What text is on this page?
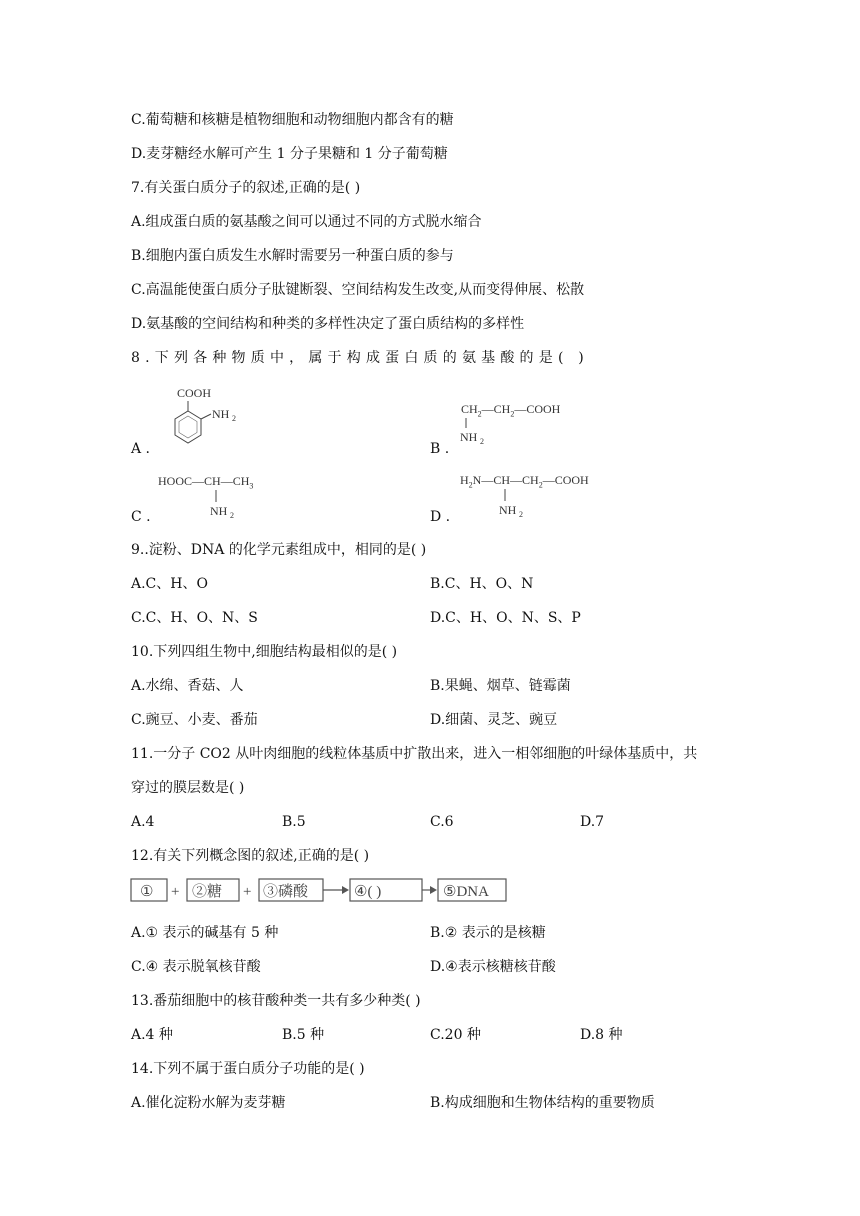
C.葡萄糖和核糖是植物细胞和动物细胞内都含有的糖
D.麦芽糖经水解可产生 1 分子果糖和 1 分子葡萄糖
7.有关蛋白质分子的叙述,正确的是( )
A.组成蛋白质的氨基酸之间可以通过不同的方式脱水缩合
B.细胞内蛋白质发生水解时需要另一种蛋白质的参与
C.高温能使蛋白质分子肽键断裂、空间结构发生改变,从而变得伸展、松散
D.氨基酸的空间结构和种类的多样性决定了蛋白质结构的多样性
8.下列各种物质中，属于构成蛋白质的氨基酸的是( )
A .
COOH
NH 2
B .
$CH_2—CH_2—COOH$
NH 2
C .
$HOOC—CH—CH_3$
NH 2	D .
$H_2N—CH—CH_2—COOH$
NH 2
9..淀粉、DNA 的化学元素组成中，相同的是( )
A.C、H、O	B.C、H、O、N
C.C、H、O、N、S	D.C、H、O、N、S、P
10.下列四组生物中,细胞结构最相似的是( )
A.水绵、香菇、人	B.果蝇、烟草、链霉菌
C.豌豆、小麦、番茄	D.细菌、灵芝、豌豆
11.一分子 CO2 从叶肉细胞的线粒体基质中扩散出来，进入一相邻细胞的叶绿体基质中，共
穿过的膜层数是( )
A.4	B.5	C.6	D.7
12.有关下列概念图的叙述,正确的是( )
① + ②糖 + ③磷酸	④( )	⑤DNA
A.① 表示的碱基有 5 种	B.② 表示的是核糖
C.④ 表示脱氧核苷酸	D.④表示核糖核苷酸
13.番茄细胞中的核苷酸种类一共有多少种类( )
A.4 种	B.5 种	C.20 种	D.8 种
14.下列不属于蛋白质分子功能的是( )
A.催化淀粉水解为麦芽糖	B.构成细胞和生物体结构的重要物质
